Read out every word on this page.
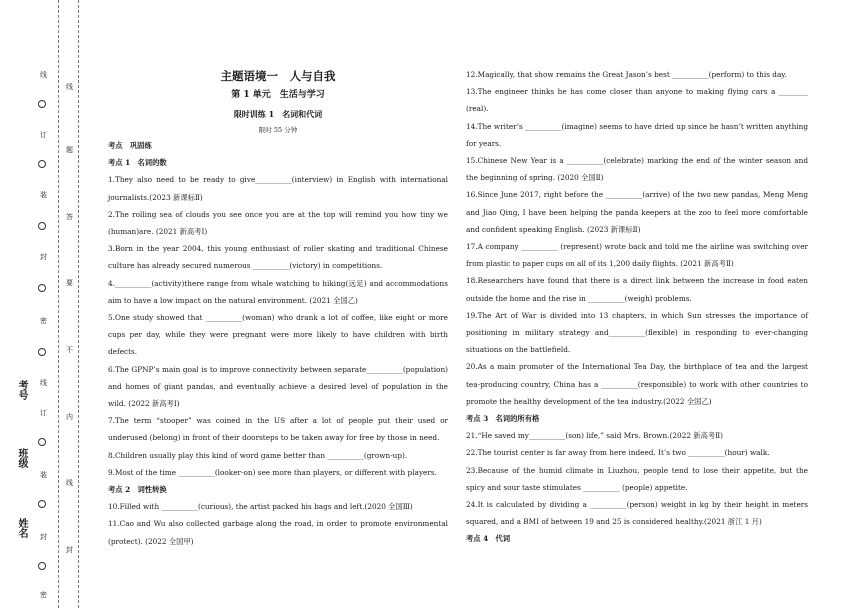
考号
班级
姓名
线
订
装
封
密
线
订
装
封
密
线
题
答
要
不
内
线
封

主题语境一　人与自我

第 1 单元　生活与学习

限时训练 1　名词和代词

限时 55 分钟

考点　巩固练

考点 1　名词的数

1.They also need to be ready to give__________(interview) in English with international journalists.(2023 新课标Ⅱ)

2.The rolling sea of clouds you see once you are at the top will remind you how tiny we (human)are. (2021 新高考Ⅰ)

3.Born in the year 2004, this young enthusiast of roller skating and traditional Chinese culture has already secured numerous __________(victory) in competitions.

4.__________(activity)there range from whale watching to hiking(远足) and accommodations aim to have a low impact on the natural environment. (2021 全国乙)

5.One study showed that __________(woman) who drank a lot of coffee, like eight or more cups per day, while they were pregnant were more likely to have children with birth defects.

6.The GPNP’s main goal is to improve connectivity between separate__________(population) and homes of giant pandas, and eventually achieve a desired level of population in the wild. (2022 新高考Ⅰ)

7.The term “stooper” was coined in the US after a lot of people put their used or underused (belong) in front of their doorsteps to be taken away for free by those in need.

8.Children usually play this kind of word game better than __________(grown-up).

9.Most of the time __________(looker-on) see more than players, or different with players.

考点 2　词性转换

10.Filled with __________(curious), the artist packed his bags and left.(2020 全国Ⅲ)

11.Cao and Wu also collected garbage along the road, in order to promote environmental (protect). (2022 全国甲)

12.Magically, that show remains the Great Jason’s best __________(perform) to this day.

13.The engineer thinks he has come closer than anyone to making flying cars a ________ (real).

14.The writer’s __________(imagine) seems to have dried up since he hasn’t written anything for years.

15.Chinese New Year is a __________(celebrate) marking the end of the winter season and the beginning of spring. (2020 全国Ⅱ)

16.Since June 2017, right before the __________(arrive) of the two new pandas, Meng Meng and Jiao Qing, I have been helping the panda keepers at the zoo to feel more comfortable and confident speaking English. (2023 新课标Ⅱ)

17.A company __________ (represent) wrote back and told me the airline was switching over from plastic to paper cups on all of its 1,200 daily flights. (2021 新高考Ⅱ)

18.Researchers have found that there is a direct link between the increase in food eaten outside the home and the rise in __________(weigh) problems.

19.The Art of War is divided into 13 chapters, in which Sun stresses the importance of positioning in military strategy and__________(flexible) in responding to ever-changing situations on the battlefield.

20.As a main promoter of the International Tea Day, the birthplace of tea and the largest tea-producing country, China has a __________(responsible) to work with other countries to promote the healthy development of the tea industry.(2022 全国乙)

考点 3　名词的所有格

21.“He saved my__________(son) life,” said Mrs. Brown.(2022 新高考Ⅱ)

22.The tourist center is far away from here indeed. It’s two __________(hour) walk.

23.Because of the humid climate in Liuzhou, people tend to lose their appetite, but the spicy and sour taste stimulates __________ (people) appetite.

24.It is calculated by dividing a __________(person) weight in kg by their height in meters squared, and a BMI of between 19 and 25 is considered healthy.(2021 浙江 1 月)

考点 4　代词
